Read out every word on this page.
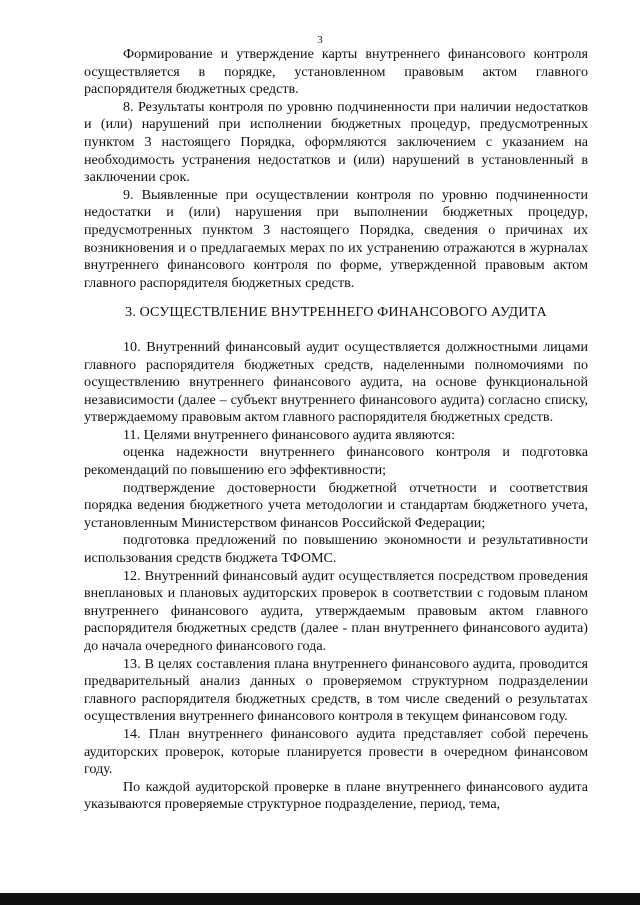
3

Формирование и утверждение карты внутреннего финансового контроля осуществляется в порядке, установленном правовым актом главного распорядителя бюджетных средств.

8. Результаты контроля по уровню подчиненности при наличии недостатков и (или) нарушений при исполнении бюджетных процедур, предусмотренных пунктом 3 настоящего Порядка, оформляются заключением с указанием на необходимость устранения недостатков и (или) нарушений в установленный в заключении срок.

9. Выявленные при осуществлении контроля по уровню подчиненности недостатки и (или) нарушения при выполнении бюджетных процедур, предусмотренных пунктом 3 настоящего Порядка, сведения о причинах их возникновения и о предлагаемых мерах по их устранению отражаются в журналах внутреннего финансового контроля по форме, утвержденной правовым актом главного распорядителя бюджетных средств.

3. ОСУЩЕСТВЛЕНИЕ ВНУТРЕННЕГО ФИНАНСОВОГО АУДИТА

10. Внутренний финансовый аудит осуществляется должностными лицами главного распорядителя бюджетных средств, наделенными полномочиями по осуществлению внутреннего финансового аудита, на основе функциональной независимости (далее – субъект внутреннего финансового аудита) согласно списку, утверждаемому правовым актом главного распорядителя бюджетных средств.

11. Целями внутреннего финансового аудита являются:

оценка надежности внутреннего финансового контроля и подготовка рекомендаций по повышению его эффективности;

подтверждение достоверности бюджетной отчетности и соответствия порядка ведения бюджетного учета методологии и стандартам бюджетного учета, установленным Министерством финансов Российской Федерации;

подготовка предложений по повышению экономности и результативности использования средств бюджета ТФОМС.

12. Внутренний финансовый аудит осуществляется посредством проведения внеплановых и плановых аудиторских проверок в соответствии с годовым планом внутреннего финансового аудита, утверждаемым правовым актом главного распорядителя бюджетных средств (далее - план внутреннего финансового аудита) до начала очередного финансового года.

13. В целях составления плана внутреннего финансового аудита, проводится предварительный анализ данных о проверяемом структурном подразделении главного распорядителя бюджетных средств, в том числе сведений о результатах осуществления внутреннего финансового контроля в текущем финансовом году.

14. План внутреннего финансового аудита представляет собой перечень аудиторских проверок, которые планируется провести в очередном финансовом году.

По каждой аудиторской проверке в плане внутреннего финансового аудита указываются проверяемые структурное подразделение, период, тема,
